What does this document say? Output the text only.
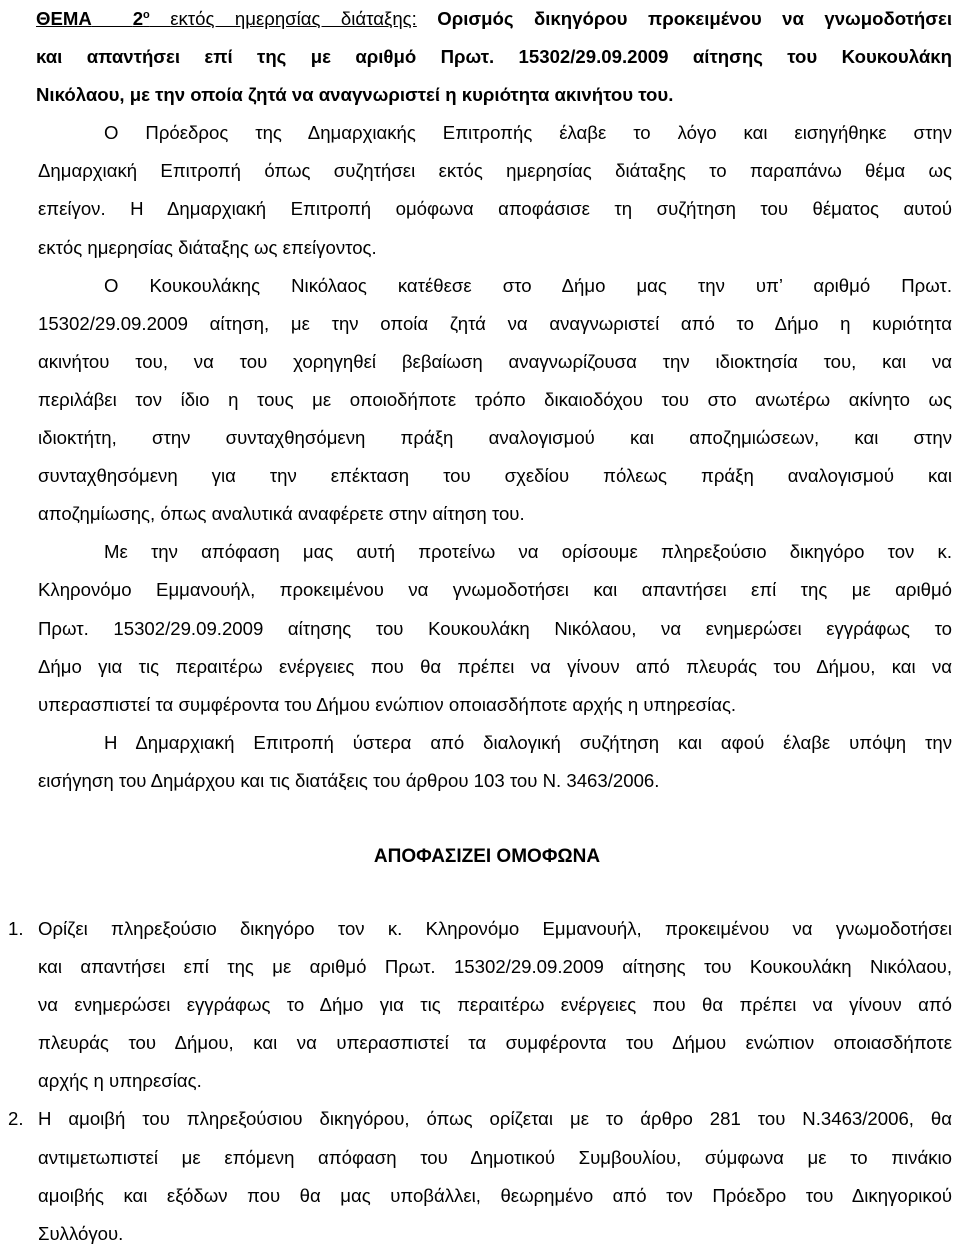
ΘΕΜΑ $2^o$ εκτός ημερησίας διάταξης: Ορισμός δικηγόρου προκειμένου να γνωμοδοτήσει
και απαντήσει επί της με αριθμό Πρωτ. 15302/29.09.2009 αίτησης του Κουκουλάκη
Νικόλαου, με την οποία ζητά να αναγνωριστεί η κυριότητα ακινήτου του.
Ο Πρόεδρος της Δημαρχιακής Επιτροπής έλαβε το λόγο και εισηγήθηκε στην
Δημαρχιακή Επιτροπή όπως συζητήσει εκτός ημερησίας διάταξης το παραπάνω θέμα ως
επείγον. Η Δημαρχιακή Επιτροπή ομόφωνα αποφάσισε τη συζήτηση του θέματος αυτού
εκτός ημερησίας διάταξης ως επείγοντος.
Ο Κουκουλάκης Νικόλαος κατέθεσε στο Δήμο μας την υπ’ αριθμό Πρωτ.
15302/29.09.2009 αίτηση, με την οποία ζητά να αναγνωριστεί από το Δήμο η κυριότητα
ακινήτου του, να του χορηγηθεί βεβαίωση αναγνωρίζουσα την ιδιοκτησία του, και να
περιλάβει τον ίδιο η τους με οποιοδήποτε τρόπο δικαιοδόχου του στο ανωτέρω ακίνητο ως
ιδιοκτήτη, στην συνταχθησόμενη πράξη αναλογισμού και αποζημιώσεων, και στην
συνταχθησόμενη για την επέκταση του σχεδίου πόλεως πράξη αναλογισμού και
αποζημίωσης, όπως αναλυτικά αναφέρετε στην αίτηση του.
Με την απόφαση μας αυτή προτείνω να ορίσουμε πληρεξούσιο δικηγόρο τον κ.
Κληρονόμο Εμμανουήλ, προκειμένου να γνωμοδοτήσει και απαντήσει επί της με αριθμό
Πρωτ. 15302/29.09.2009 αίτησης του Κουκουλάκη Νικόλαου, να ενημερώσει εγγράφως το
Δήμο για τις περαιτέρω ενέργειες που θα πρέπει να γίνουν από πλευράς του Δήμου, και να
υπερασπιστεί τα συμφέροντα του Δήμου ενώπιον οποιασδήποτε αρχής η υπηρεσίας.
Η Δημαρχιακή Επιτροπή ύστερα από διαλογική συζήτηση και αφού έλαβε υπόψη την
εισήγηση του Δημάρχου και τις διατάξεις του άρθρου 103 του Ν. 3463/2006.
ΑΠΟΦΑΣΙΖΕΙ ΟΜΟΦΩΝΑ
1. Ορίζει πληρεξούσιο δικηγόρο τον κ. Κληρονόμο Εμμανουήλ, προκειμένου να γνωμοδοτήσει
και απαντήσει επί της με αριθμό Πρωτ. 15302/29.09.2009 αίτησης του Κουκουλάκη Νικόλαου,
να ενημερώσει εγγράφως το Δήμο για τις περαιτέρω ενέργειες που θα πρέπει να γίνουν από
πλευράς του Δήμου, και να υπερασπιστεί τα συμφέροντα του Δήμου ενώπιον οποιασδήποτε
αρχής η υπηρεσίας.
2. Η αμοιβή του πληρεξούσιου δικηγόρου, όπως ορίζεται με το άρθρο 281 του Ν.3463/2006, θα
αντιμετωπιστεί με επόμενη απόφαση του Δημοτικού Συμβουλίου, σύμφωνα με το πινάκιο
αμοιβής και εξόδων που θα μας υποβάλλει, θεωρημένο από τον Πρόεδρο του Δικηγορικού
Συλλόγου.
